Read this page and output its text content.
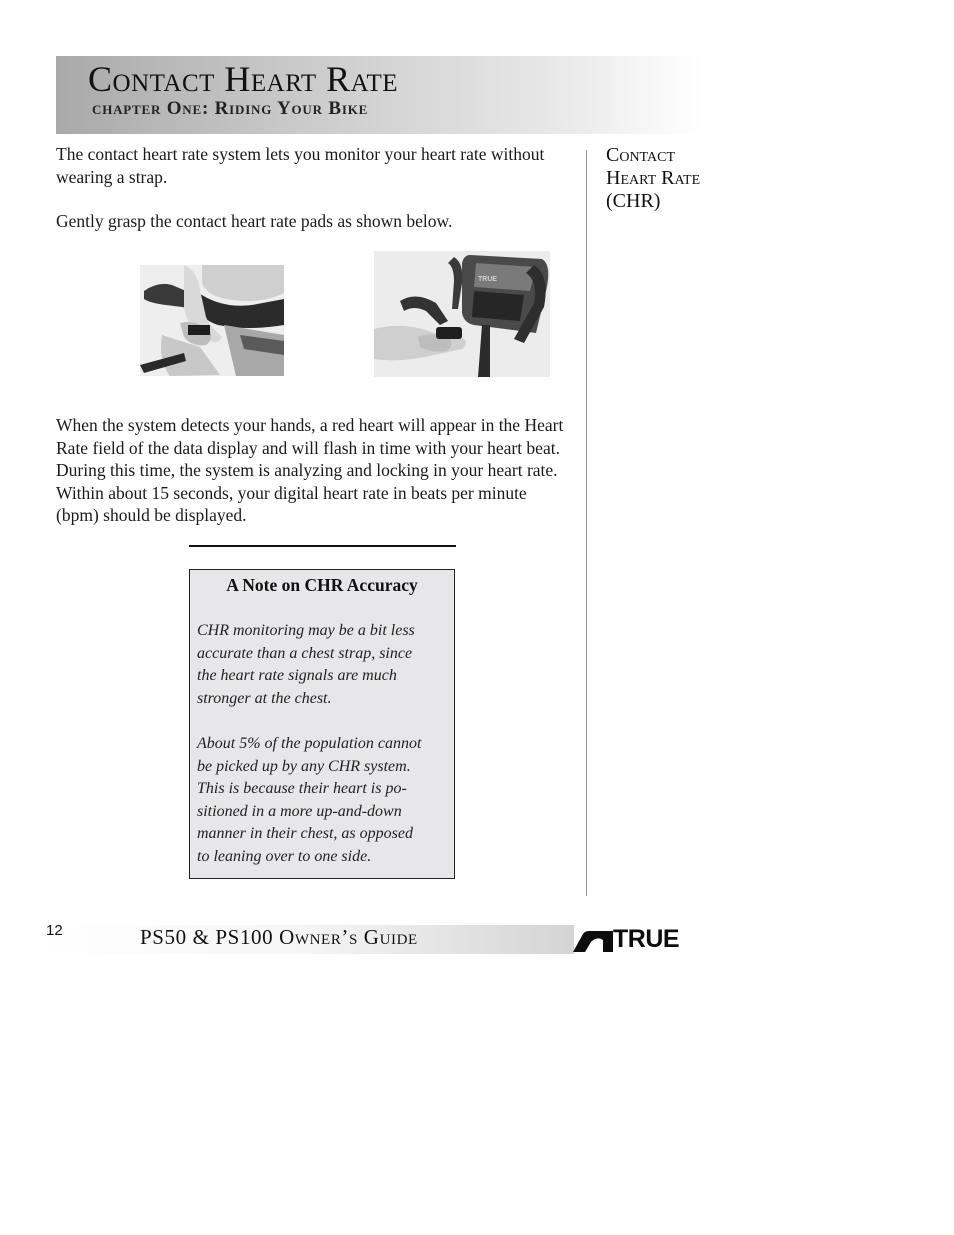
Contact Heart Rate
chapter One: Riding Your Bike

The contact heart rate system lets you monitor your heart rate without wearing a strap.

Gently grasp the contact heart rate pads as shown below.

TRUE

When the system detects your hands, a red heart will appear in the Heart Rate field of the data display and will flash in time with your heart beat. During this time, the system is analyzing and locking in your heart rate. Within about 15 seconds, your digital heart rate in beats per minute (bpm) should be displayed.

Contact
Heart Rate
(CHR)

A Note on CHR Accuracy

CHR monitoring may be a bit less
accurate than a chest strap, since
the heart rate signals are much
stronger at the chest.

About 5% of the population cannot
be picked up by any CHR system.
This is because their heart is po-
sitioned in a more up-and-down
manner in their chest, as opposed
to leaning over to one side.

12	PS50 & PS100 Owner’s Guide	TRUE
